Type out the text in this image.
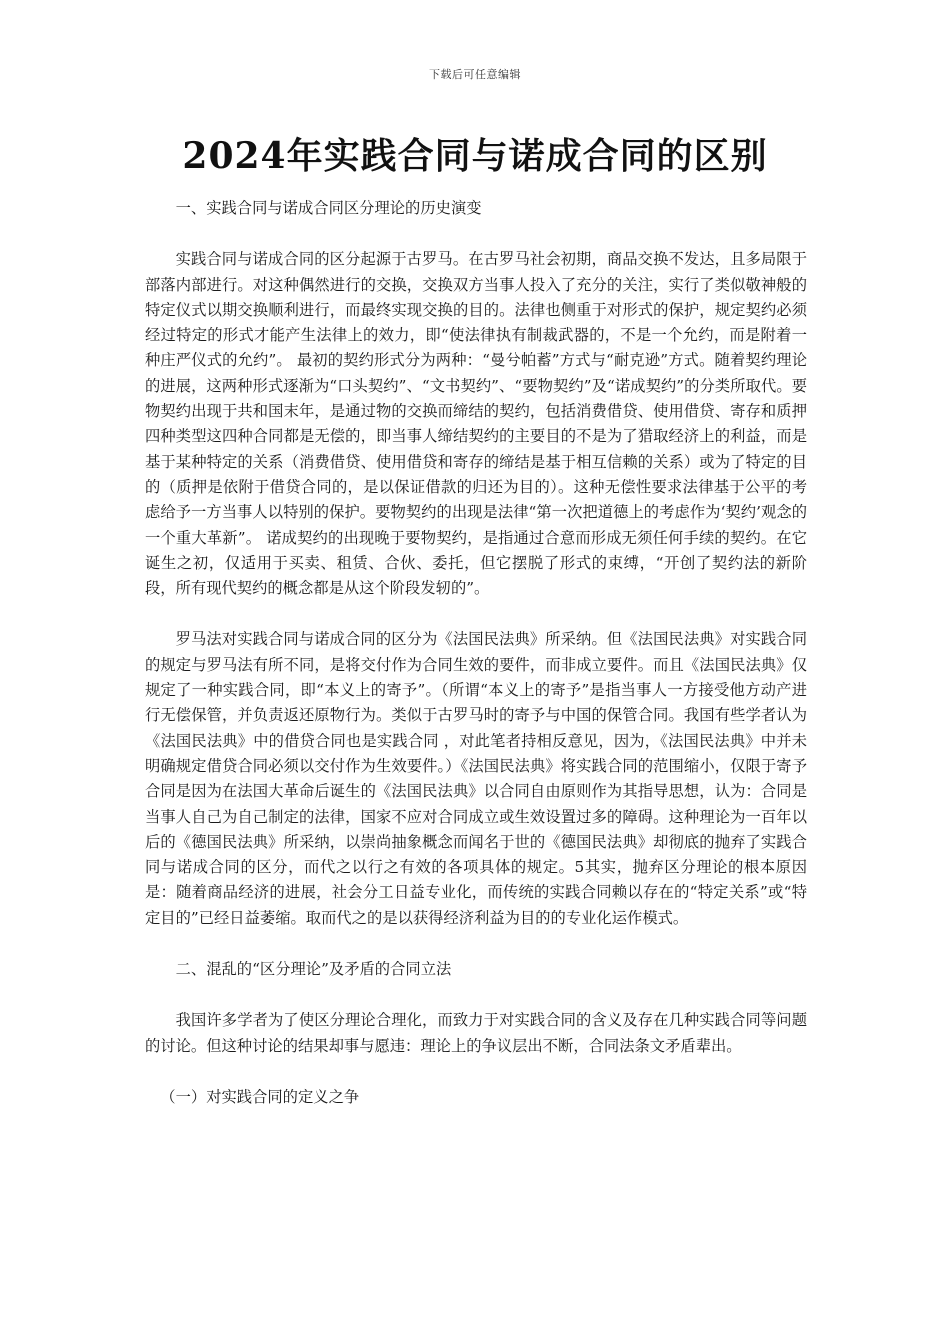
下载后可任意编辑
2024年实践合同与诺成合同的区别

一、实践合同与诺成合同区分理论的历史演变

实践合同与诺成合同的区分起源于古罗马。在古罗马社会初期，商品交换不发达，且多局限于部落内部进行。对这种偶然进行的交换，交换双方当事人投入了充分的关注，实行了类似敬神般的特定仪式以期交换顺利进行，而最终实现交换的目的。法律也侧重于对形式的保护，规定契约必须经过特定的形式才能产生法律上的效力，即“使法律执有制裁武器的，不是一个允约，而是附着一种庄严仪式的允约”。 最初的契约形式分为两种：“曼兮帕蓄”方式与“耐克逊”方式。随着契约理论的进展，这两种形式逐渐为“口头契约”、“文书契约”、“要物契约”及“诺成契约”的分类所取代。要物契约出现于共和国末年，是通过物的交换而缔结的契约，包括消费借贷、使用借贷、寄存和质押四种类型这四种合同都是无偿的，即当事人缔结契约的主要目的不是为了猎取经济上的利益，而是基于某种特定的关系（消费借贷、使用借贷和寄存的缔结是基于相互信赖的关系）或为了特定的目的（质押是依附于借贷合同的，是以保证借款的归还为目的）。这种无偿性要求法律基于公平的考虑给予一方当事人以特别的保护。要物契约的出现是法律“第一次把道德上的考虑作为‘契约’观念的一个重大革新”。 诺成契约的出现晚于要物契约，是指通过合意而形成无须任何手续的契约。在它诞生之初，仅适用于买卖、租赁、合伙、委托，但它摆脱了形式的束缚，“开创了契约法的新阶段，所有现代契约的概念都是从这个阶段发轫的”。

罗马法对实践合同与诺成合同的区分为《法国民法典》所采纳。但《法国民法典》对实践合同的规定与罗马法有所不同，是将交付作为合同生效的要件，而非成立要件。而且《法国民法典》仅规定了一种实践合同，即“本义上的寄予”。（所谓“本义上的寄予”是指当事人一方接受他方动产进行无偿保管，并负责返还原物行为。类似于古罗马时的寄予与中国的保管合同。我国有些学者认为《法国民法典》中的借贷合同也是实践合同 ，对此笔者持相反意见，因为，《法国民法典》中并未明确规定借贷合同必须以交付作为生效要件。）《法国民法典》将实践合同的范围缩小，仅限于寄予合同是因为在法国大革命后诞生的《法国民法典》以合同自由原则作为其指导思想，认为：合同是当事人自己为自己制定的法律，国家不应对合同成立或生效设置过多的障碍。这种理论为一百年以后的《德国民法典》所采纳，以崇尚抽象概念而闻名于世的《德国民法典》却彻底的抛弃了实践合同与诺成合同的区分，而代之以行之有效的各项具体的规定。5其实，抛弃区分理论的根本原因是：随着商品经济的进展，社会分工日益专业化，而传统的实践合同赖以存在的“特定关系”或“特定目的”已经日益萎缩。取而代之的是以获得经济利益为目的的专业化运作模式。

二、混乱的“区分理论”及矛盾的合同立法

我国许多学者为了使区分理论合理化，而致力于对实践合同的含义及存在几种实践合同等问题的讨论。但这种讨论的结果却事与愿违：理论上的争议层出不断，合同法条文矛盾辈出。

（一）对实践合同的定义之争
